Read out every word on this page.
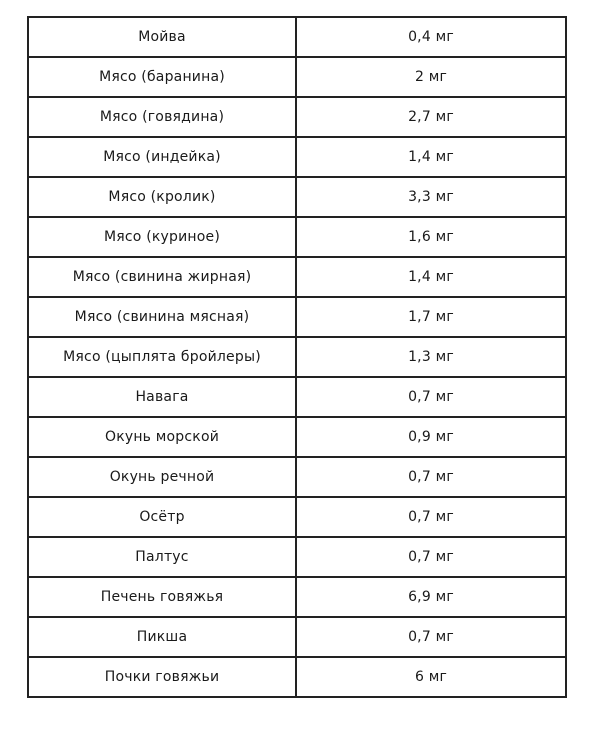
Мойва	0,4 мг
Мясо (баранина)	2 мг
Мясо (говядина)	2,7 мг
Мясо (индейка)	1,4 мг
Мясо (кролик)	3,3 мг
Мясо (куриное)	1,6 мг
Мясо (свинина жирная)	1,4 мг
Мясо (свинина мясная)	1,7 мг
Мясо (цыплята бройлеры)	1,3 мг
Навага	0,7 мг
Окунь морской	0,9 мг
Окунь речной	0,7 мг
Осётр	0,7 мг
Палтус	0,7 мг
Печень говяжья	6,9 мг
Пикша	0,7 мг
Почки говяжьи	6 мг
